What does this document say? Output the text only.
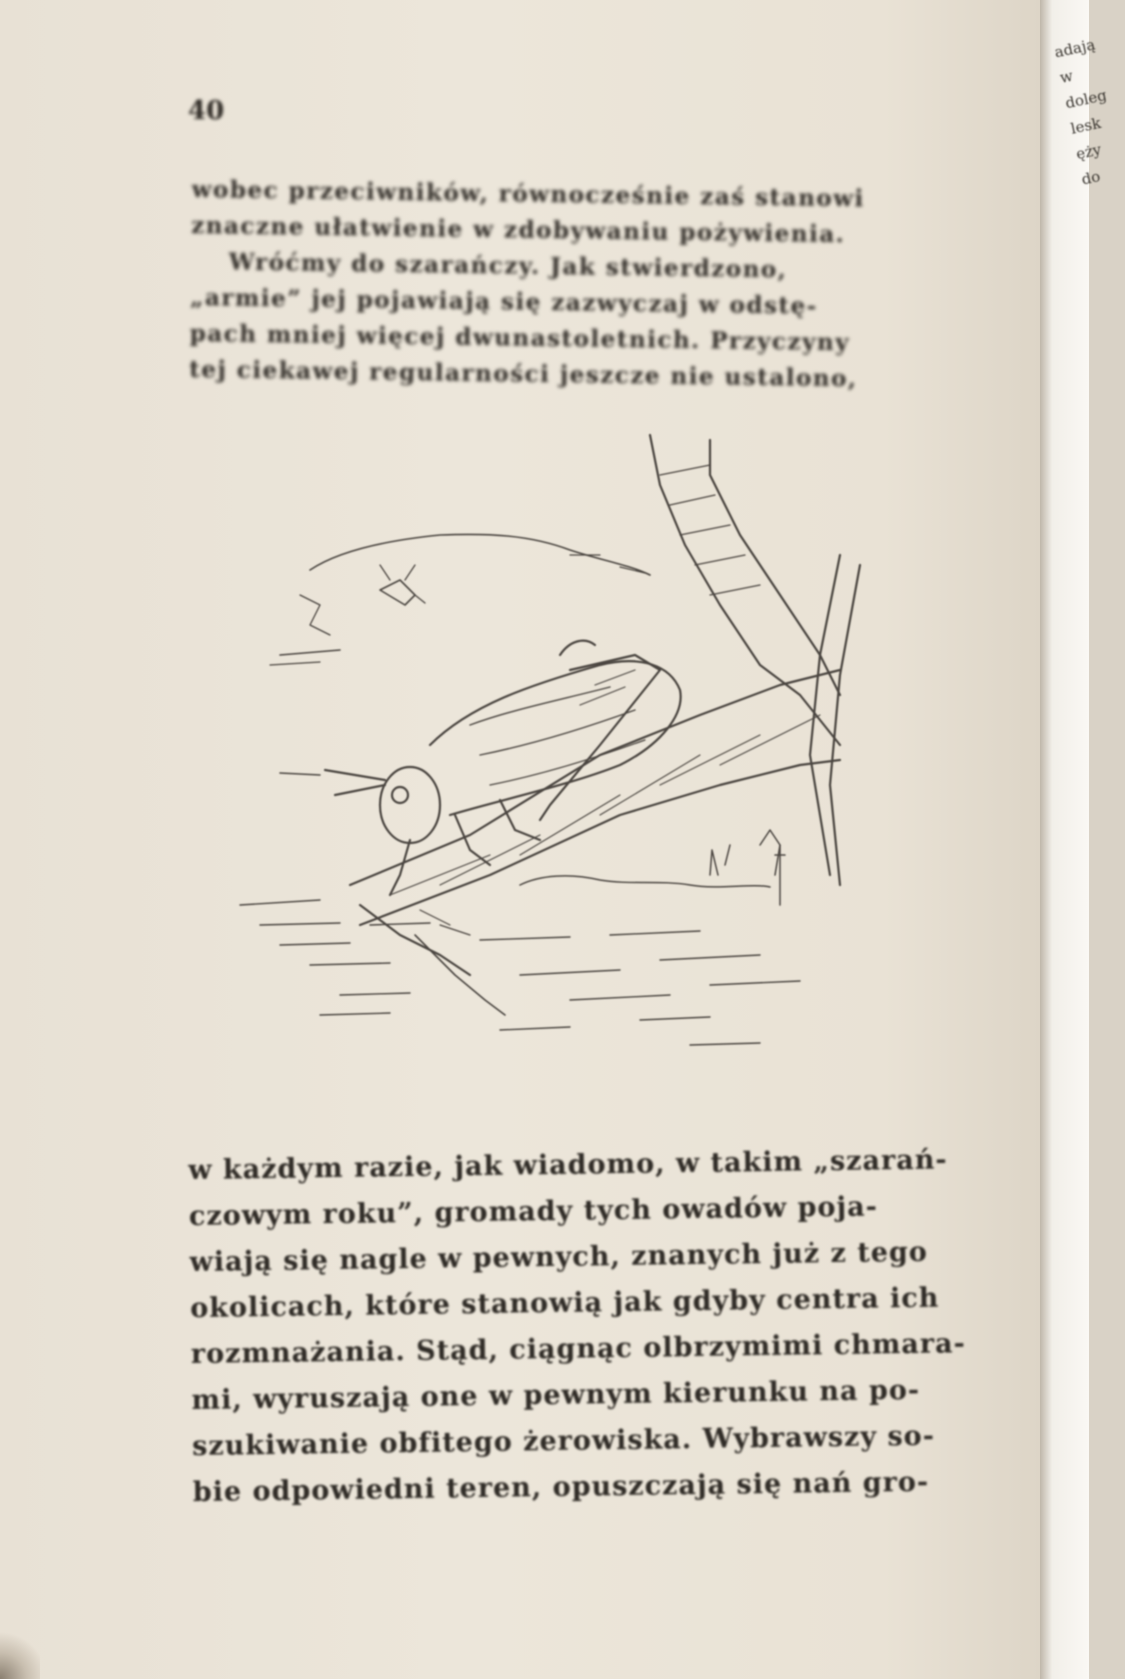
40
wobec przeciwników, równocześnie zaś stanowi
znaczne ułatwienie w zdobywaniu pożywienia.
Wróćmy do szarańczy. Jak stwierdzono,
„armie” jej pojawiają się zazwyczaj w odstę-
pach mniej więcej dwunastoletnich. Przyczyny
tej ciekawej regularności jeszcze nie ustalono,
w każdym razie, jak wiadomo, w takim „szarań-
czowym roku”, gromady tych owadów poja-
wiają się nagle w pewnych, znanych już z tego
okolicach, które stanowią jak gdyby centra ich
rozmnażania. Stąd, ciągnąc olbrzymimi chmara-
mi, wyruszają one w pewnym kierunku na po-
szukiwanie obfitego żerowiska. Wybrawszy so-
bie odpowiedni teren, opuszczają się nań gro-
adają
w
doleg
lesk
ęży
do
